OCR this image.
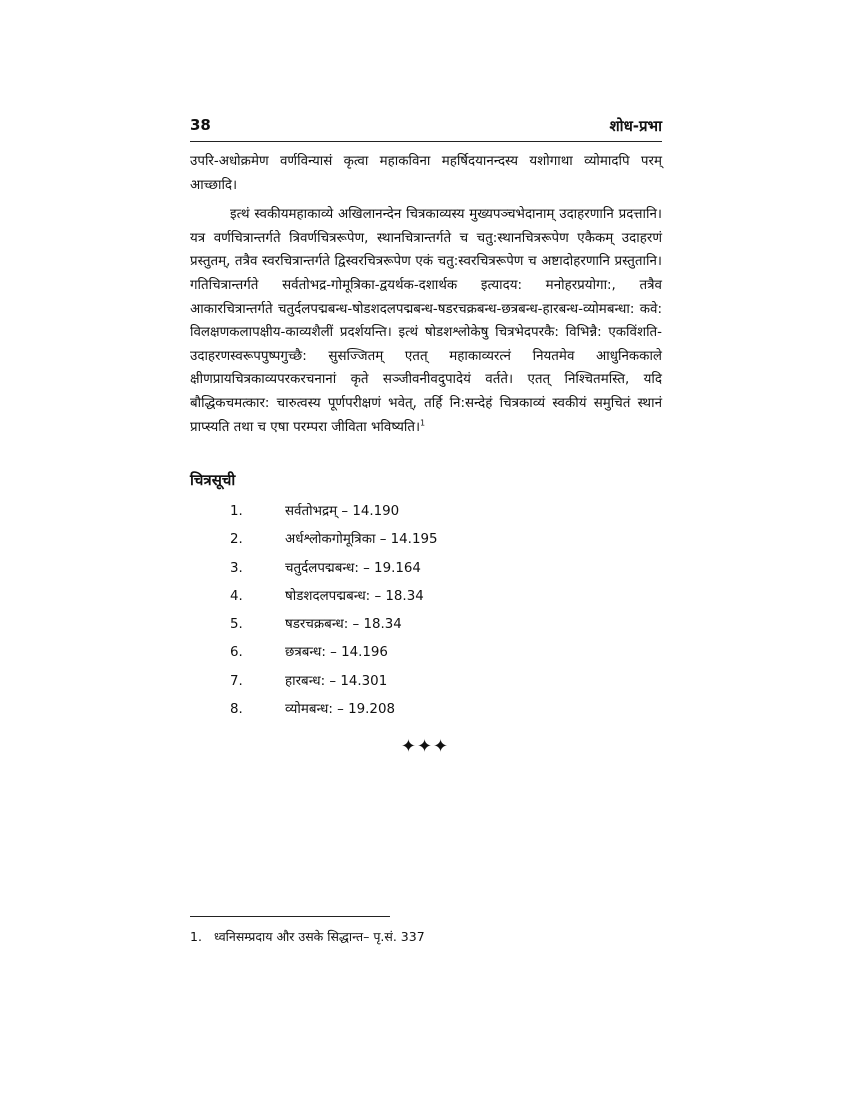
38	शोध-प्रभा

उपरि-अधोक्रमेण वर्णविन्यासं कृत्वा महाकविना महर्षिदयानन्दस्य यशोगाथा व्योमादपि परम् आच्छादि।

इत्थं स्वकीयमहाकाव्ये अखिलानन्देन चित्रकाव्यस्य मुख्यपञ्चभेदानाम् उदाहरणानि प्रदत्तानि। यत्र वर्णचित्रान्तर्गते त्रिवर्णचित्ररूपेण, स्थानचित्रान्तर्गते च चतु:स्थानचित्ररूपेण एकैकम् उदाहरणं प्रस्तुतम्, तत्रैव स्वरचित्रान्तर्गते द्विस्वरचित्ररूपेण एकं चतु:स्वरचित्ररूपेण च अष्टादोहरणानि प्रस्तुतानि। गतिचित्रान्तर्गते सर्वतोभद्र-गोमूत्रिका-द्वयर्थक-दशार्थक इत्यादय: मनोहरप्रयोगा:, तत्रैव आकारचित्रान्तर्गते चतुर्दलपद्मबन्ध-षोडशदलपद्मबन्ध-षडरचक्रबन्ध-छत्रबन्ध-हारबन्ध-व्योमबन्धा: कवे: विलक्षणकलापक्षीय-काव्यशैलीं प्रदर्शयन्ति। इत्थं षोडशश्लोकेषु चित्रभेदपरकै: विभिन्नै: एकविंशति-उदाहरणस्वरूपपुष्पगुच्छै: सुसज्जितम् एतत् महाकाव्यरत्नं नियतमेव आधुनिककाले क्षीणप्रायचित्रकाव्यपरकरचनानां कृते सञ्जीवनीवदुपादेयं वर्तते। एतत् निश्चितमस्ति, यदि बौद्धिकचमत्कार: चारुत्वस्य पूर्णपरीक्षणं भवेत्, तर्हि नि:सन्देहं चित्रकाव्यं स्वकीयं समुचितं स्थानं प्राप्स्यति तथा च एषा परम्परा जीविता भविष्यति।$^1$

चित्रसूची
1.	सर्वतोभद्रम् – 14.190
2.	अर्धश्लोकगोमूत्रिका – 14.195
3.	चतुर्दलपद्मबन्ध: – 19.164
4.	षोडशदलपद्मबन्ध: – 18.34
5.	षडरचक्रबन्ध: – 18.34
6.	छत्रबन्ध: – 14.196
7.	हारबन्ध: – 14.301
8.	व्योमबन्ध: – 19.208
✦✦✦
1. ध्वनिसम्प्रदाय और उसके सिद्धान्त– पृ.सं. 337
